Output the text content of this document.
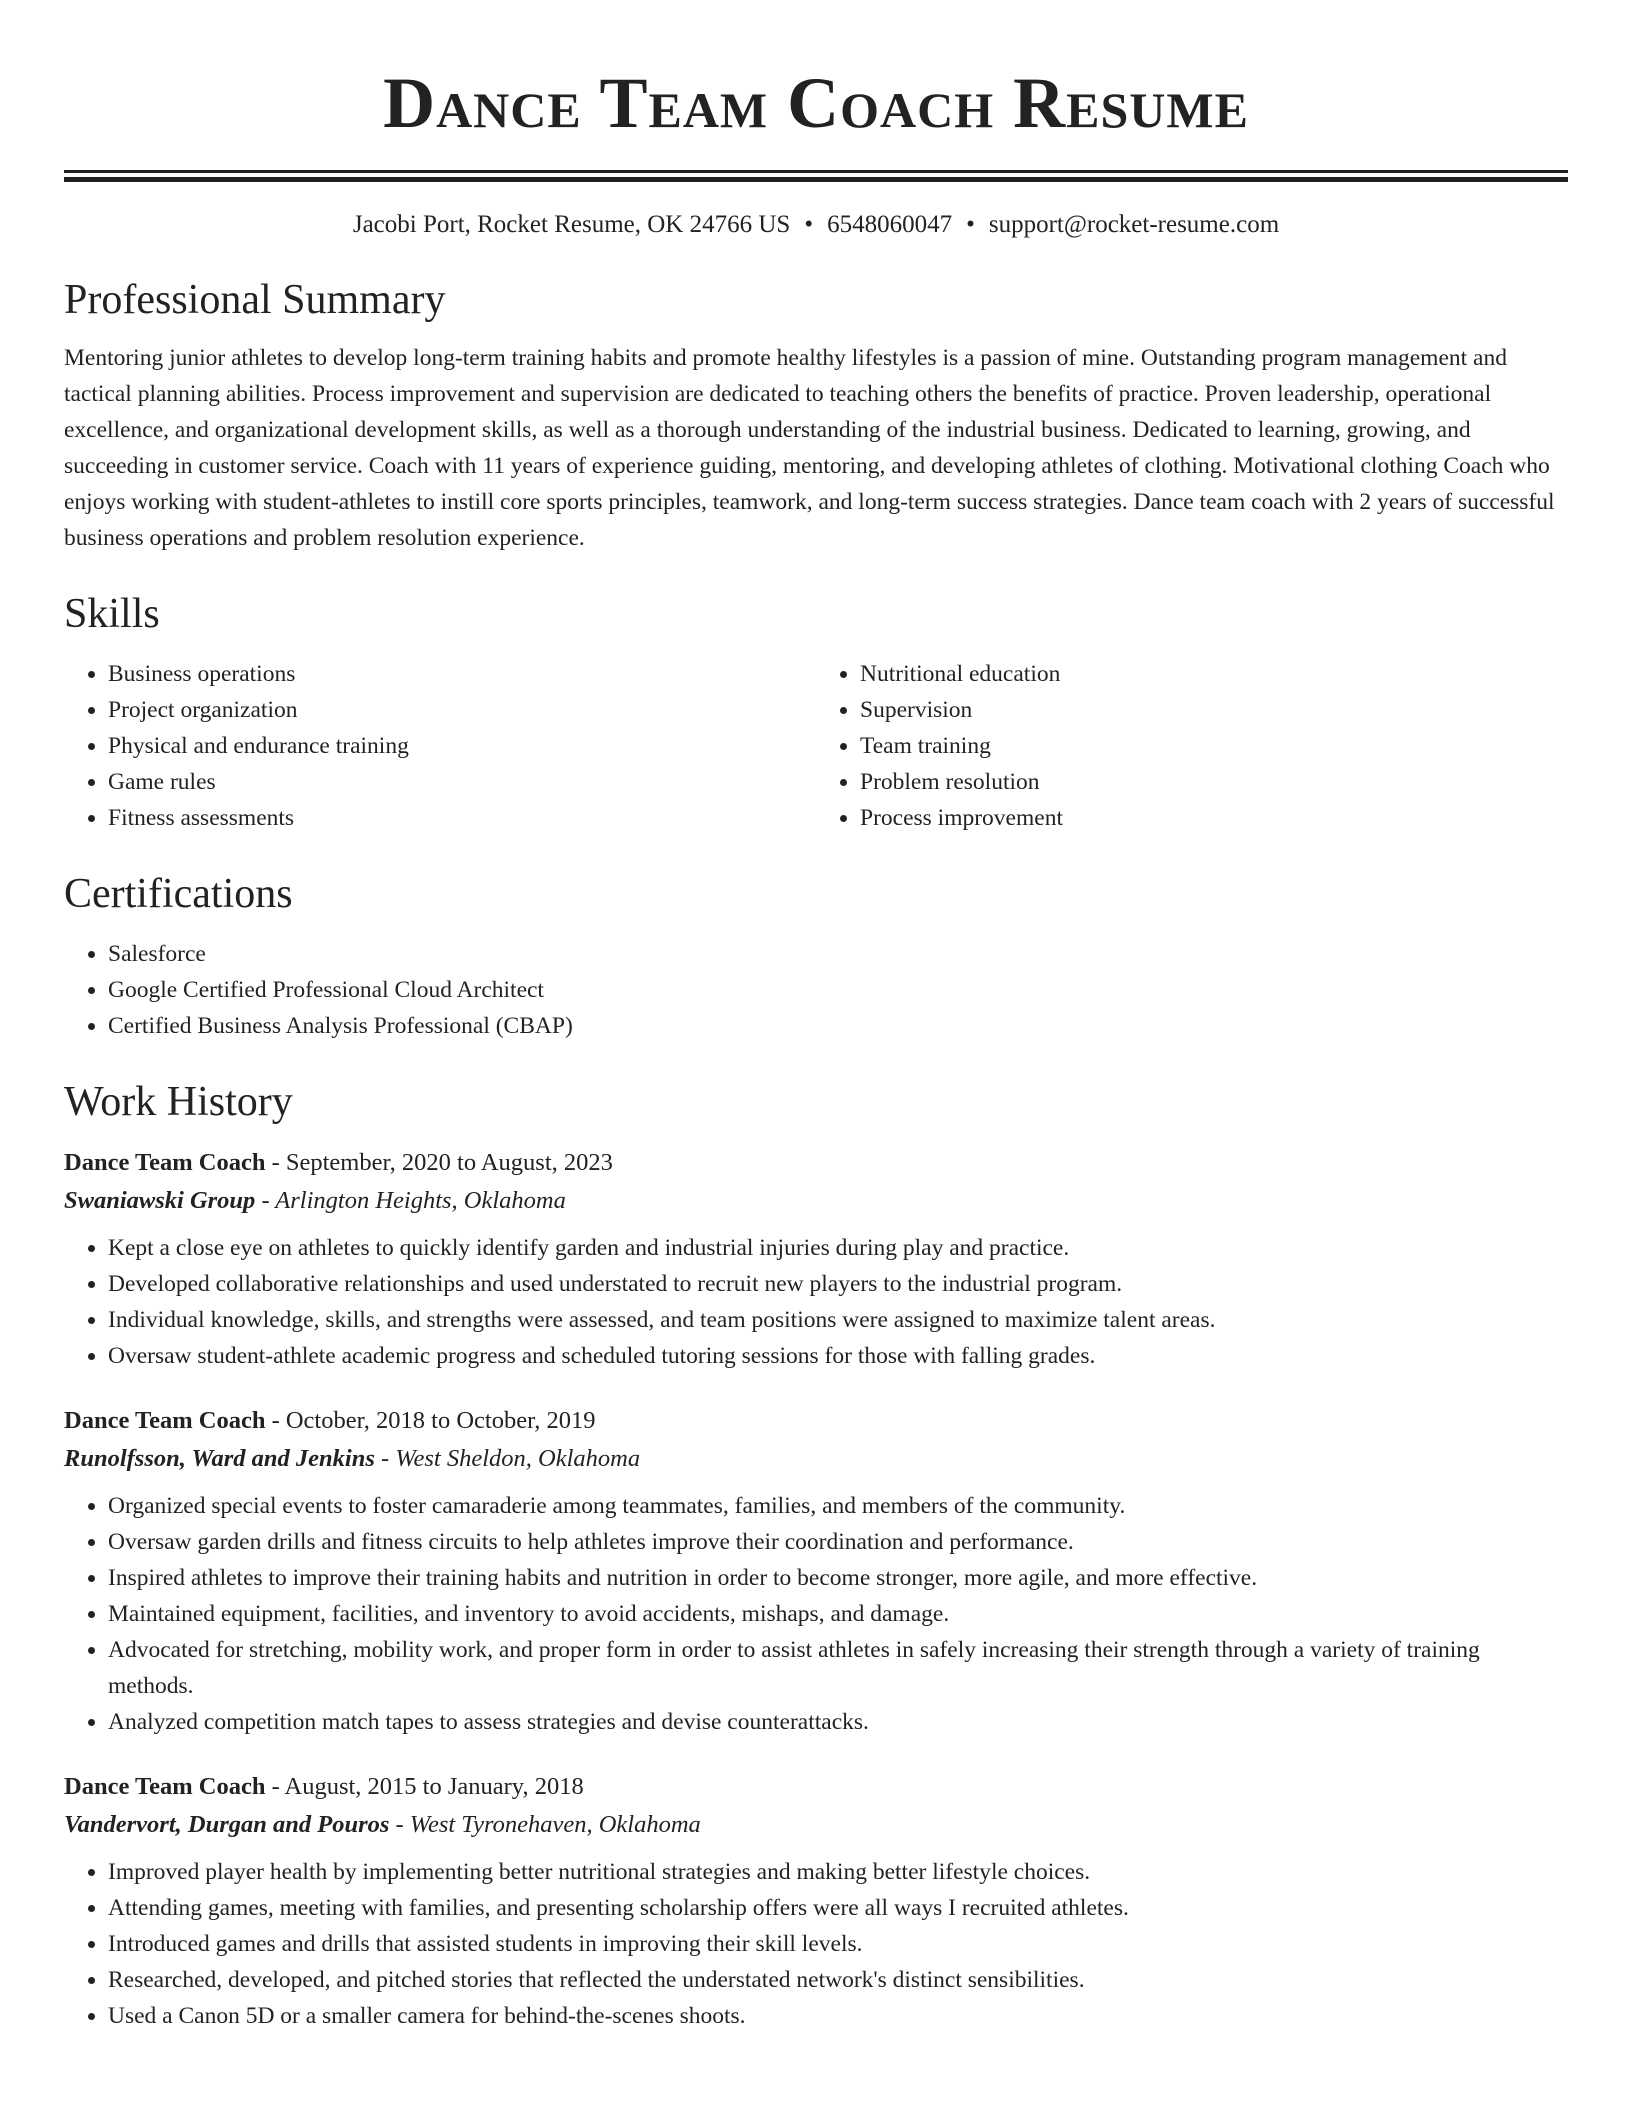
Dance Team Coach Resume
Jacobi Port, Rocket Resume, OK 24766 US • 6548060047 • support@rocket-resume.com
Professional Summary

Mentoring junior athletes to develop long-term training habits and promote healthy lifestyles is a passion of mine. Outstanding program management and tactical planning abilities. Process improvement and supervision are dedicated to teaching others the benefits of practice. Proven leadership, operational excellence, and organizational development skills, as well as a thorough understanding of the industrial business. Dedicated to learning, growing, and succeeding in customer service. Coach with 11 years of experience guiding, mentoring, and developing athletes of clothing. Motivational clothing Coach who enjoys working with student-athletes to instill core sports principles, teamwork, and long-term success strategies. Dance team coach with 2 years of successful business operations and problem resolution experience.

Skills
• Business operations
• Project organization
• Physical and endurance training
• Game rules
• Fitness assessments
• Nutritional education
• Supervision
• Team training
• Problem resolution
• Process improvement
Certifications
• Salesforce
• Google Certified Professional Cloud Architect
• Certified Business Analysis Professional (CBAP)
Work History
Dance Team Coach - September, 2020 to August, 2023
Swaniawski Group - Arlington Heights, Oklahoma
• Kept a close eye on athletes to quickly identify garden and industrial injuries during play and practice.
• Developed collaborative relationships and used understated to recruit new players to the industrial program.
• Individual knowledge, skills, and strengths were assessed, and team positions were assigned to maximize talent areas.
• Oversaw student-athlete academic progress and scheduled tutoring sessions for those with falling grades.
Dance Team Coach - October, 2018 to October, 2019
Runolfsson, Ward and Jenkins - West Sheldon, Oklahoma
• Organized special events to foster camaraderie among teammates, families, and members of the community.
• Oversaw garden drills and fitness circuits to help athletes improve their coordination and performance.
• Inspired athletes to improve their training habits and nutrition in order to become stronger, more agile, and more effective.
• Maintained equipment, facilities, and inventory to avoid accidents, mishaps, and damage.
• Advocated for stretching, mobility work, and proper form in order to assist athletes in safely increasing their strength through a variety of training methods.
• Analyzed competition match tapes to assess strategies and devise counterattacks.
Dance Team Coach - August, 2015 to January, 2018
Vandervort, Durgan and Pouros - West Tyronehaven, Oklahoma
• Improved player health by implementing better nutritional strategies and making better lifestyle choices.
• Attending games, meeting with families, and presenting scholarship offers were all ways I recruited athletes.
• Introduced games and drills that assisted students in improving their skill levels.
• Researched, developed, and pitched stories that reflected the understated network's distinct sensibilities.
• Used a Canon 5D or a smaller camera for behind-the-scenes shoots.
